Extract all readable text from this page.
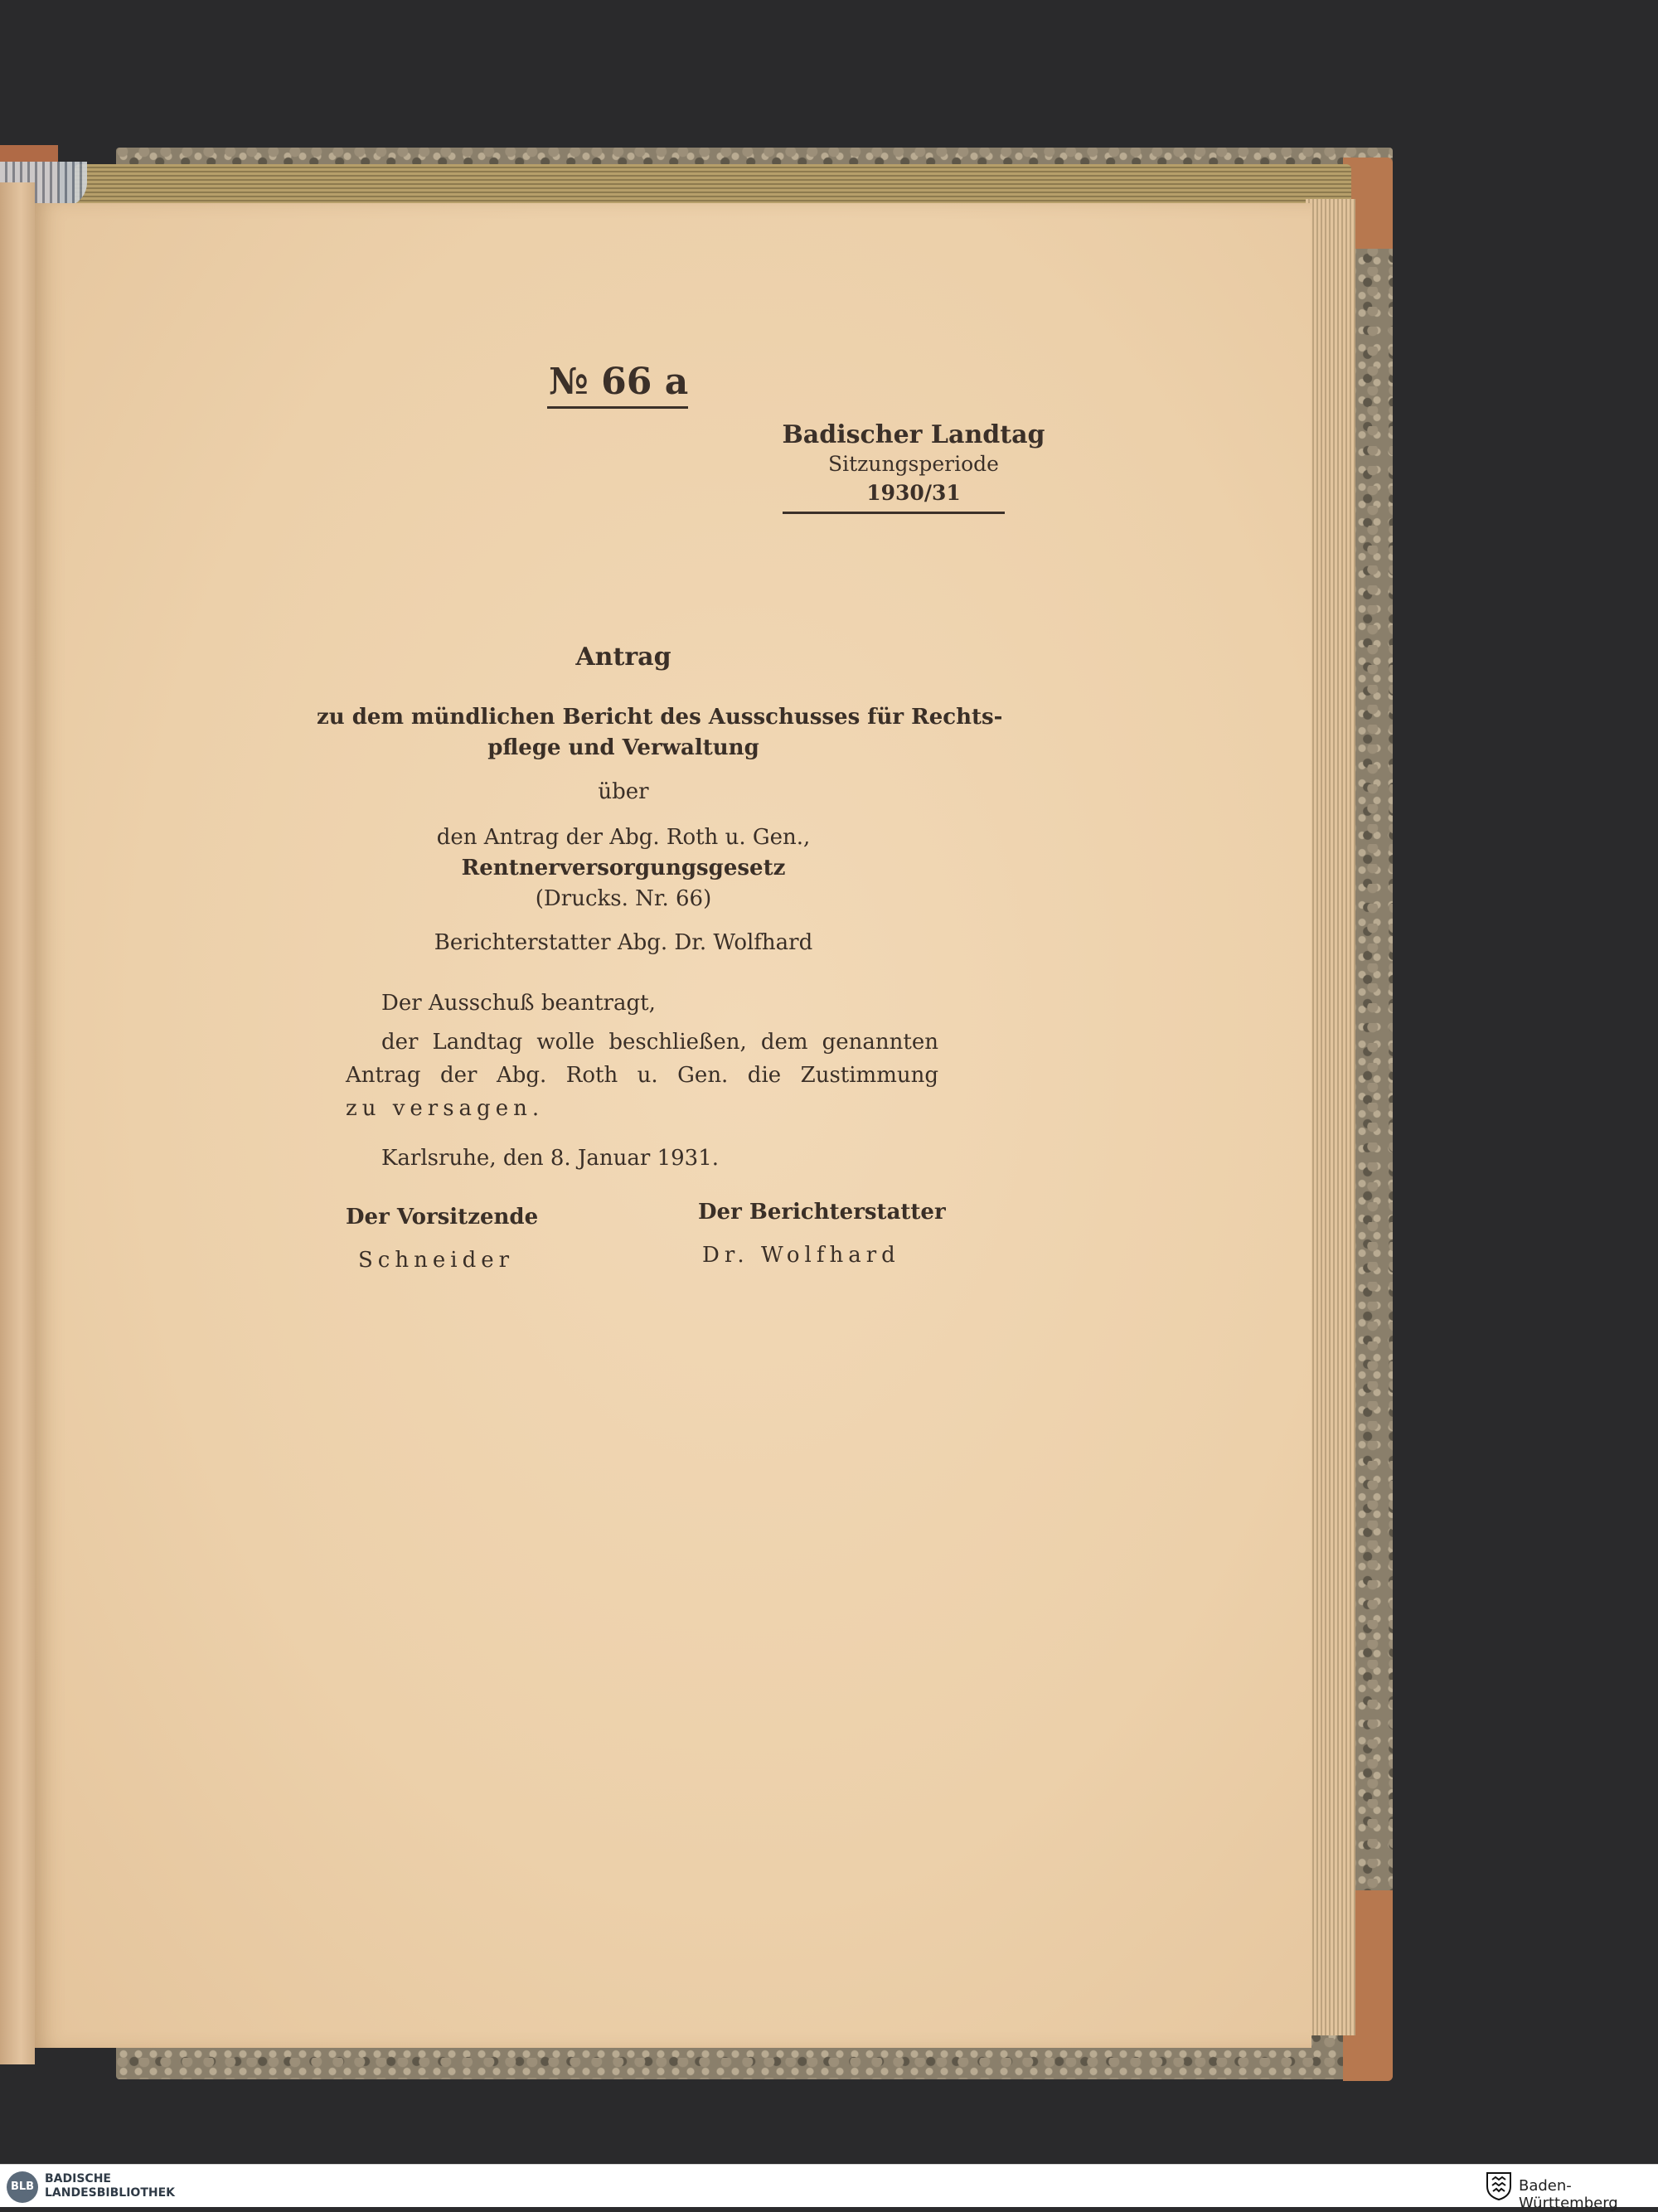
№ 66 a
Badischer Landtag
Sitzungsperiode
1930/31
Antrag
zu dem mündlichen Bericht des Ausschusses für Rechts-
pflege und Verwaltung
über
den Antrag der Abg. Roth u. Gen.,
Rentnerversorgungsgesetz
(Drucks. Nr. 66)
Berichterstatter Abg. Dr. Wolfhard
Der Ausschuß beantragt,
der Landtag wolle beschließen, dem genannten
Antrag der Abg. Roth u. Gen. die Zustimmung
zu versagen.
Karlsruhe, den 8. Januar 1931.
Der Vorsitzende	Der Berichterstatter
Schneider	Dr. Wolfhard
BLB
BADISCHE
LANDESBIBLIOTHEK	Baden-Württemberg
